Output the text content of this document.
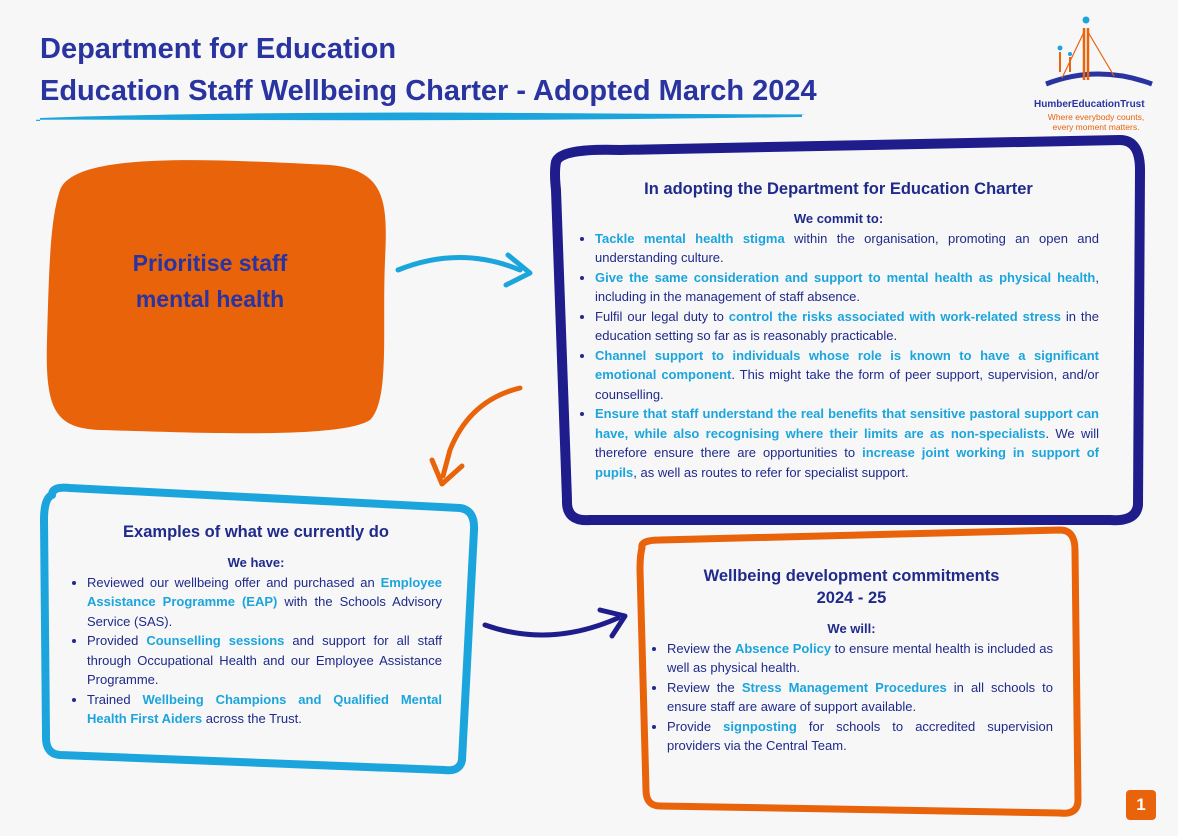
Department for Education
Education Staff Wellbeing Charter - Adopted March 2024	HumberEducationTrust
Where everybody counts,
every moment matters.
Prioritise staff
mental health
In adopting the Department for Education Charter

We commit to:

• Tackle mental health stigma within the organisation, promoting an open and understanding culture.
• Give the same consideration and support to mental health as physical health, including in the management of staff absence.
• Fulfil our legal duty to control the risks associated with work-related stress in the education setting so far as is reasonably practicable.
• Channel support to individuals whose role is known to have a significant emotional component. This might take the form of peer support, supervision, and/or counselling.
• Ensure that staff understand the real benefits that sensitive pastoral support can have, while also recognising where their limits are as non-specialists. We will therefore ensure there are opportunities to increase joint working in support of pupils, as well as routes to refer for specialist support.
Examples of what we currently do

We have:

• Reviewed our wellbeing offer and purchased an Employee Assistance Programme (EAP) with the Schools Advisory Service (SAS).
• Provided Counselling sessions and support for all staff through Occupational Health and our Employee Assistance Programme.
• Trained Wellbeing Champions and Qualified Mental Health First Aiders across the Trust.
Wellbeing development commitments
2024 - 25

We will:

• Review the Absence Policy to ensure mental health is included as well as physical health.
• Review the Stress Management Procedures in all schools to ensure staff are aware of support available.
• Provide signposting for schools to accredited supervision providers via the Central Team.
1
